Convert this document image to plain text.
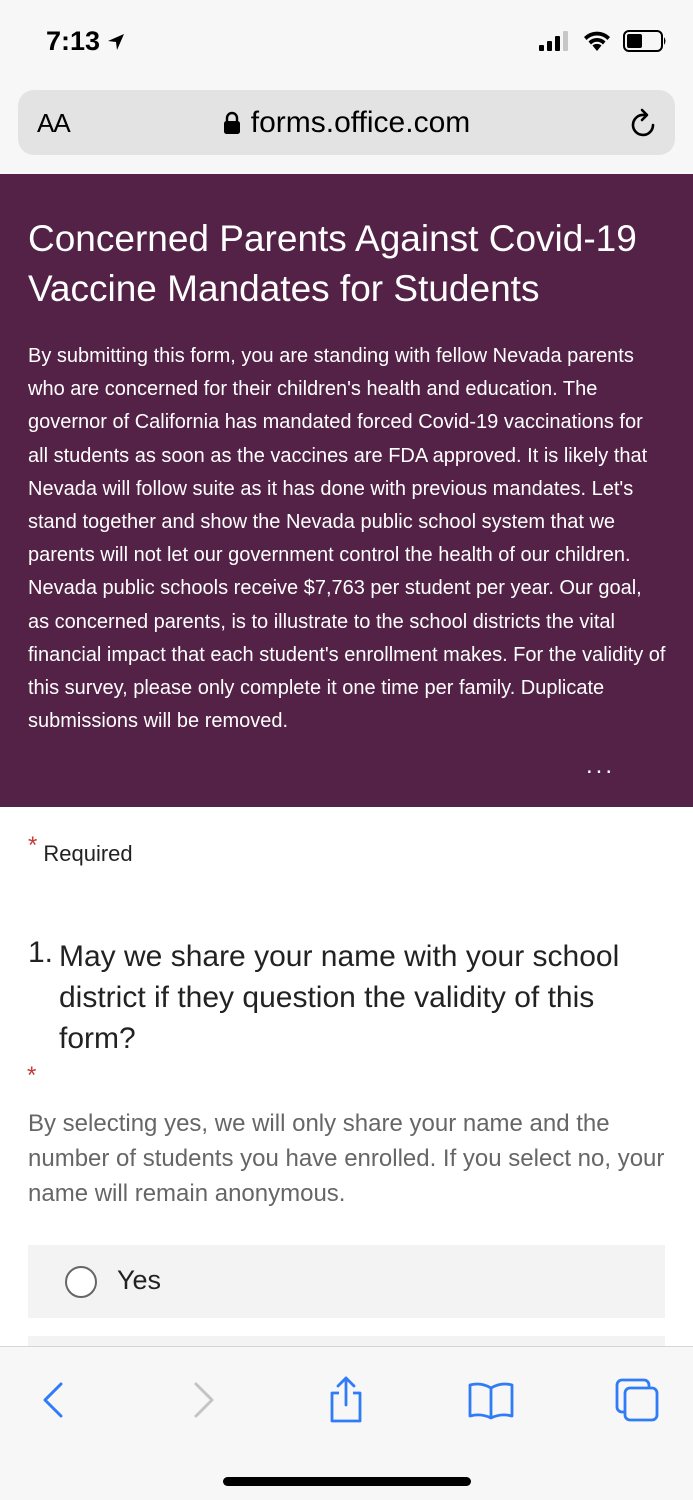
7:13
AA	forms.office.com
Concerned Parents Against Covid-19 Vaccine Mandates for Students
By submitting this form, you are standing with fellow Nevada parents who are concerned for their children's health and education. The governor of California has mandated forced Covid-19 vaccinations for all students as soon as the vaccines are FDA approved. It is likely that Nevada will follow suite as it has done with previous mandates. Let's stand together and show the Nevada public school system that we parents will not let our government control the health of our children. Nevada public schools receive $7,763 per student per year. Our goal, as concerned parents, is to illustrate to the school districts the vital financial impact that each student's enrollment makes. For the validity of this survey, please only complete it one time per family. Duplicate submissions will be removed.
...
* Required
1. May we share your name with your school district if they question the validity of this form?
*
By selecting yes, we will only share your name and the number of students you have enrolled. If you select no, your name will remain anonymous.
Yes
